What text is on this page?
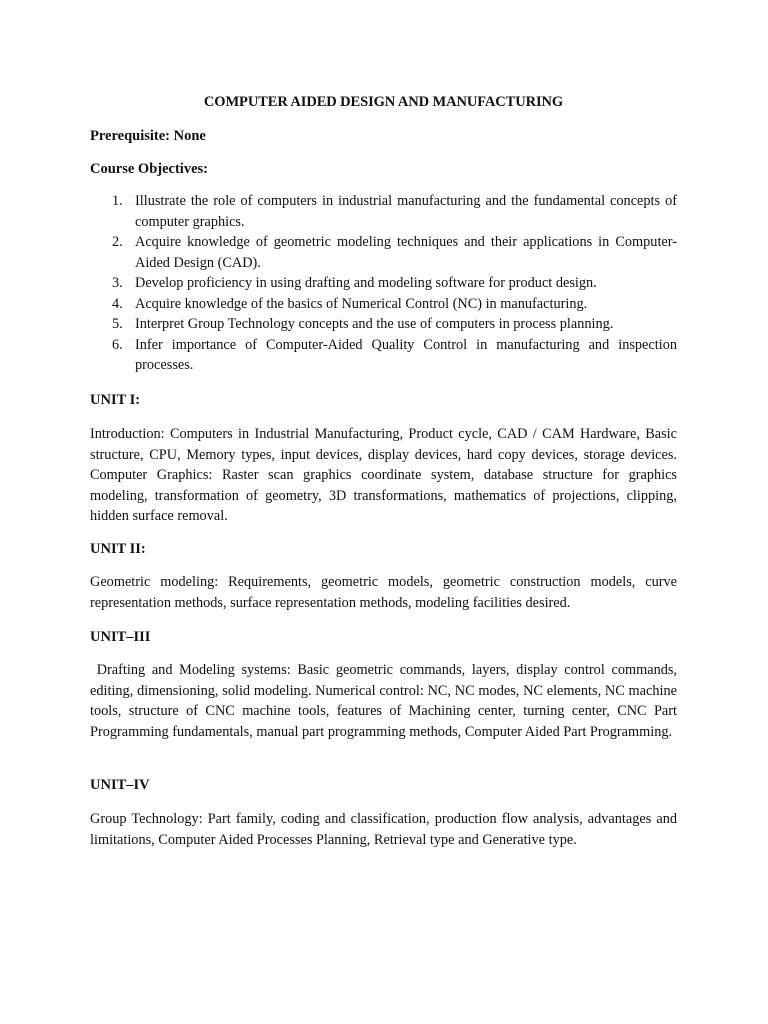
COMPUTER AIDED DESIGN AND MANUFACTURING
Prerequisite: None
Course Objectives:
1. Illustrate the role of computers in industrial manufacturing and the fundamental concepts of computer graphics.
2. Acquire knowledge of geometric modeling techniques and their applications in Computer-Aided Design (CAD).
3. Develop proficiency in using drafting and modeling software for product design.
4. Acquire knowledge of the basics of Numerical Control (NC) in manufacturing.
5. Interpret Group Technology concepts and the use of computers in process planning.
6. Infer importance of Computer-Aided Quality Control in manufacturing and inspection processes.
UNIT I:
Introduction: Computers in Industrial Manufacturing, Product cycle, CAD / CAM Hardware, Basic structure, CPU, Memory types, input devices, display devices, hard copy devices, storage devices. Computer Graphics: Raster scan graphics coordinate system, database structure for graphics modeling, transformation of geometry, 3D transformations, mathematics of projections, clipping, hidden surface removal.
UNIT II:
Geometric modeling: Requirements, geometric models, geometric construction models, curve representation methods, surface representation methods, modeling facilities desired.
UNIT–III
Drafting and Modeling systems: Basic geometric commands, layers, display control commands, editing, dimensioning, solid modeling. Numerical control: NC, NC modes, NC elements, NC machine tools, structure of CNC machine tools, features of Machining center, turning center, CNC Part Programming fundamentals, manual part programming methods, Computer Aided Part Programming.
UNIT–IV
Group Technology: Part family, coding and classification, production flow analysis, advantages and limitations, Computer Aided Processes Planning, Retrieval type and Generative type.
